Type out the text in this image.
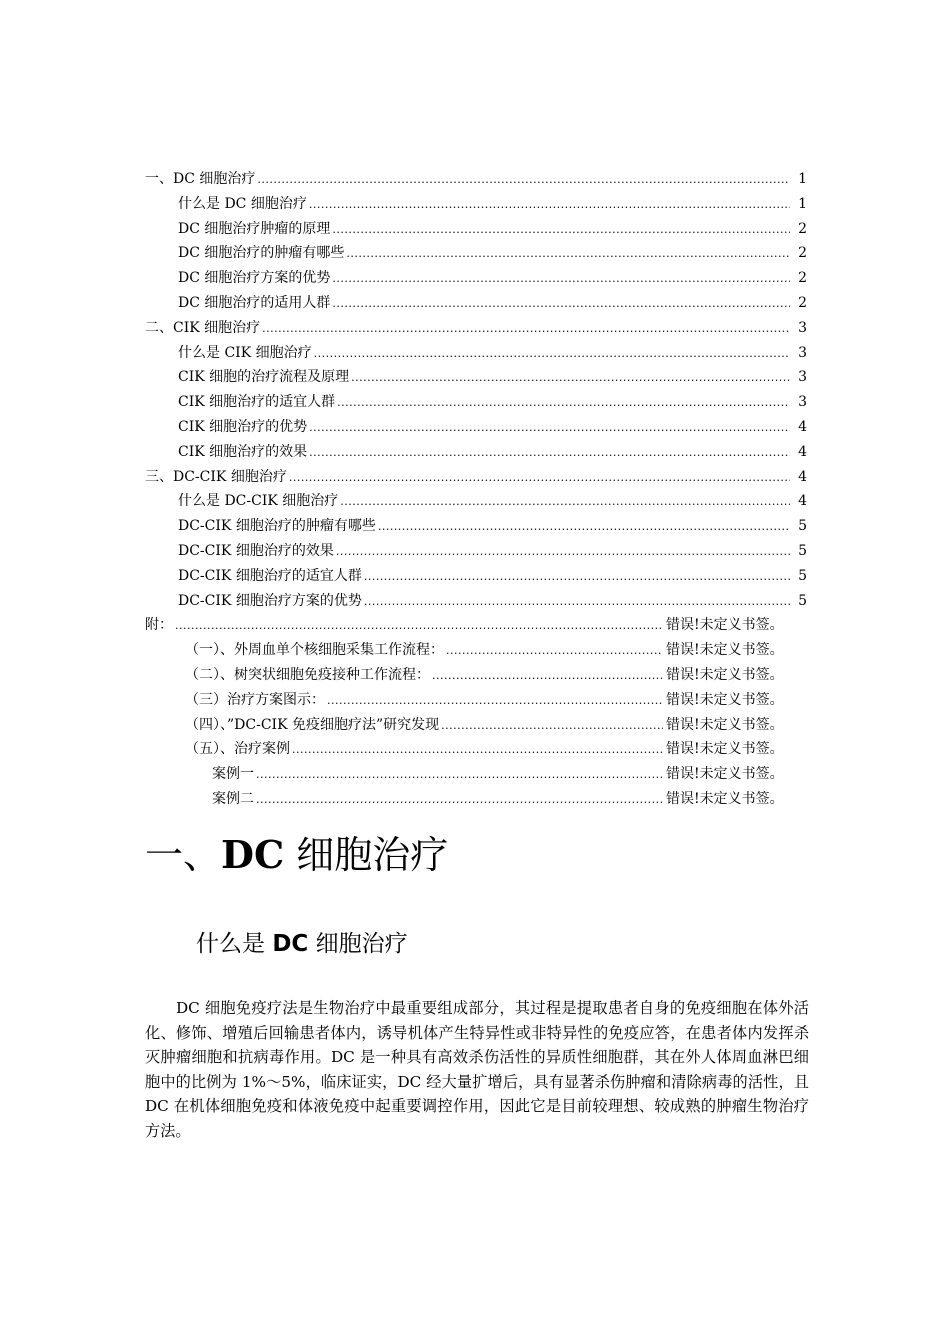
一、DC 细胞治疗 .....	1
什么是 DC 细胞治疗 .....	1
DC 细胞治疗肿瘤的原理 .....	2
DC 细胞治疗的肿瘤有哪些 .....	2
DC 细胞治疗方案的优势 .....	2
DC 细胞治疗的适用人群 .....	2
二、CIK 细胞治疗 .....	3
什么是 CIK 细胞治疗 .....	3
CIK 细胞的治疗流程及原理 .....	3
CIK 细胞治疗的适宜人群 .....	3
CIK 细胞治疗的优势 .....	4
CIK 细胞治疗的效果 .....	4
三、DC-CIK 细胞治疗 .....	4
什么是 DC-CIK 细胞治疗 .....	4
DC-CIK 细胞治疗的肿瘤有哪些 .....	5
DC-CIK 细胞治疗的效果 .....	5
DC-CIK 细胞治疗的适宜人群 .....	5
DC-CIK 细胞治疗方案的优势 .....	5
附： .....	错误!未定义书签。
（一）、外周血单个核细胞采集工作流程： .....	错误!未定义书签。
（二）、树突状细胞免疫接种工作流程： .....	错误!未定义书签。
（三）治疗方案图示： .....	错误!未定义书签。
（四）、”DC-CIK 免疫细胞疗法”研究发现 .....	错误!未定义书签。
（五）、治疗案例 .....	错误!未定义书签。
案例一 .....	错误!未定义书签。
案例二 .....	错误!未定义书签。
一、DC 细胞治疗
什么是 DC 细胞治疗
DC 细胞免疫疗法是生物治疗中最重要组成部分，其过程是提取患者自身的免疫细胞在体外活化、修饰、增殖后回输患者体内，诱导机体产生特异性或非特异性的免疫应答，在患者体内发挥杀灭肿瘤细胞和抗病毒作用。DC 是一种具有高效杀伤活性的异质性细胞群，其在外人体周血淋巴细胞中的比例为 1%～5%，临床证实，DC 经大量扩增后，具有显著杀伤肿瘤和清除病毒的活性，且 DC 在机体细胞免疫和体液免疫中起重要调控作用，因此它是目前较理想、较成熟的肿瘤生物治疗方法。
